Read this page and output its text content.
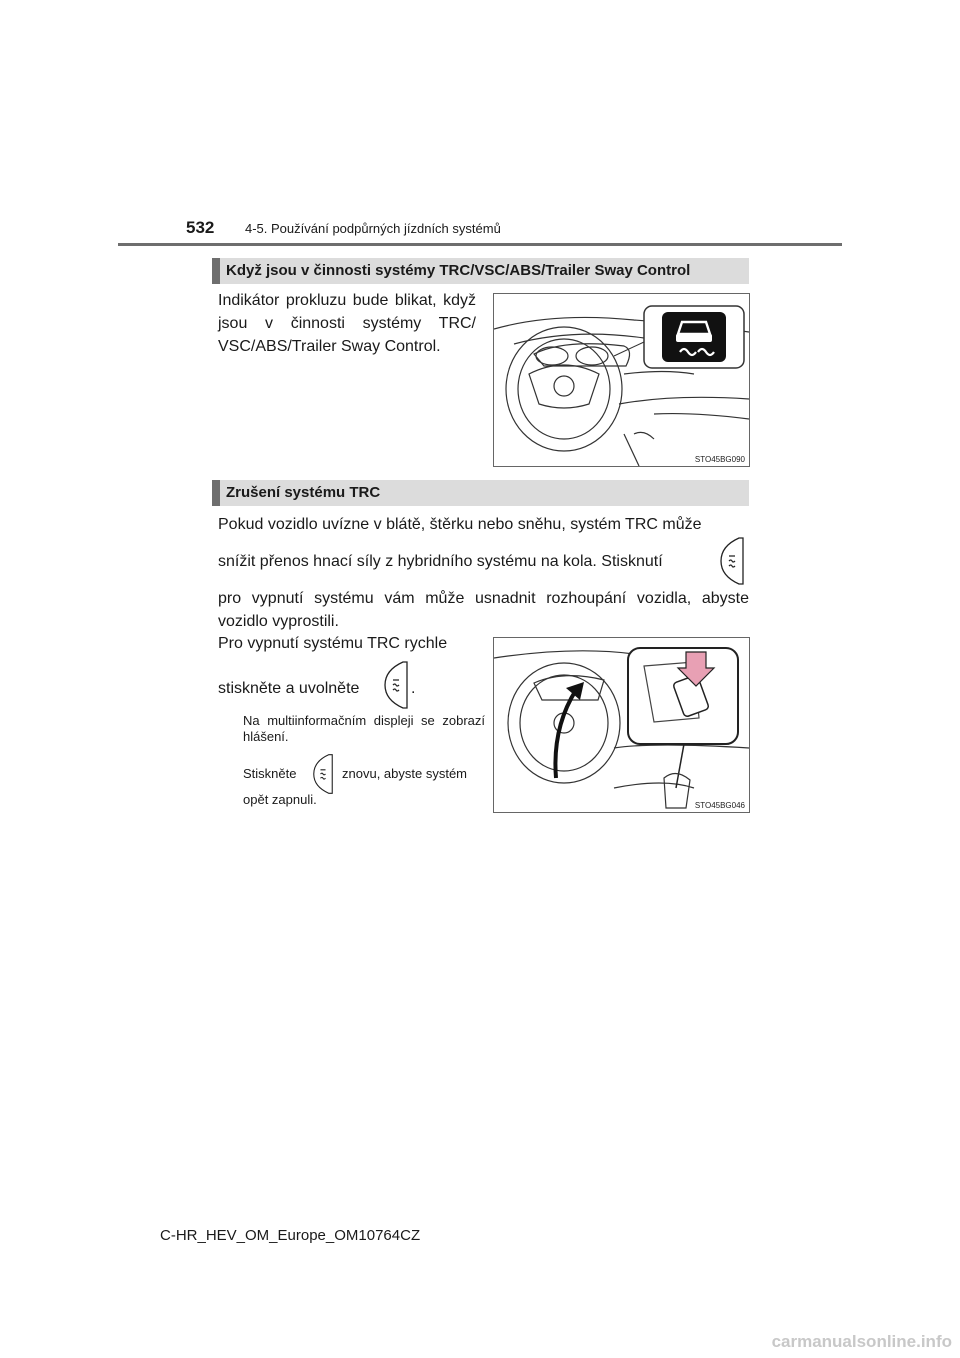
532 4-5. Používání podpůrných jízdních systémů
Když jsou v činnosti systémy TRC/VSC/ABS/Trailer Sway Control
Indikátor prokluzu bude blikat, když jsou v činnosti systémy TRC/ VSC/ABS/Trailer Sway Control.
STO45BG090
Zrušení systému TRC
Pokud vozidlo uvízne v blátě, štěrku nebo sněhu, systém TRC může
snížit přenos hnací síly z hybridního systému na kola. Stisknutí
pro vypnutí systému vám může usnadnit rozhoupání vozidla, abyste vozidlo vyprostili.
Pro vypnutí systému TRC rychle
stiskněte a uvolněte	.
Na multiinformačním displeji se zobrazí hlášení.
Stiskněte	znovu, abyste systém
opět zapnuli.	STO45BG046
C-HR_HEV_OM_Europe_OM10764CZ
carmanualsonline.info
